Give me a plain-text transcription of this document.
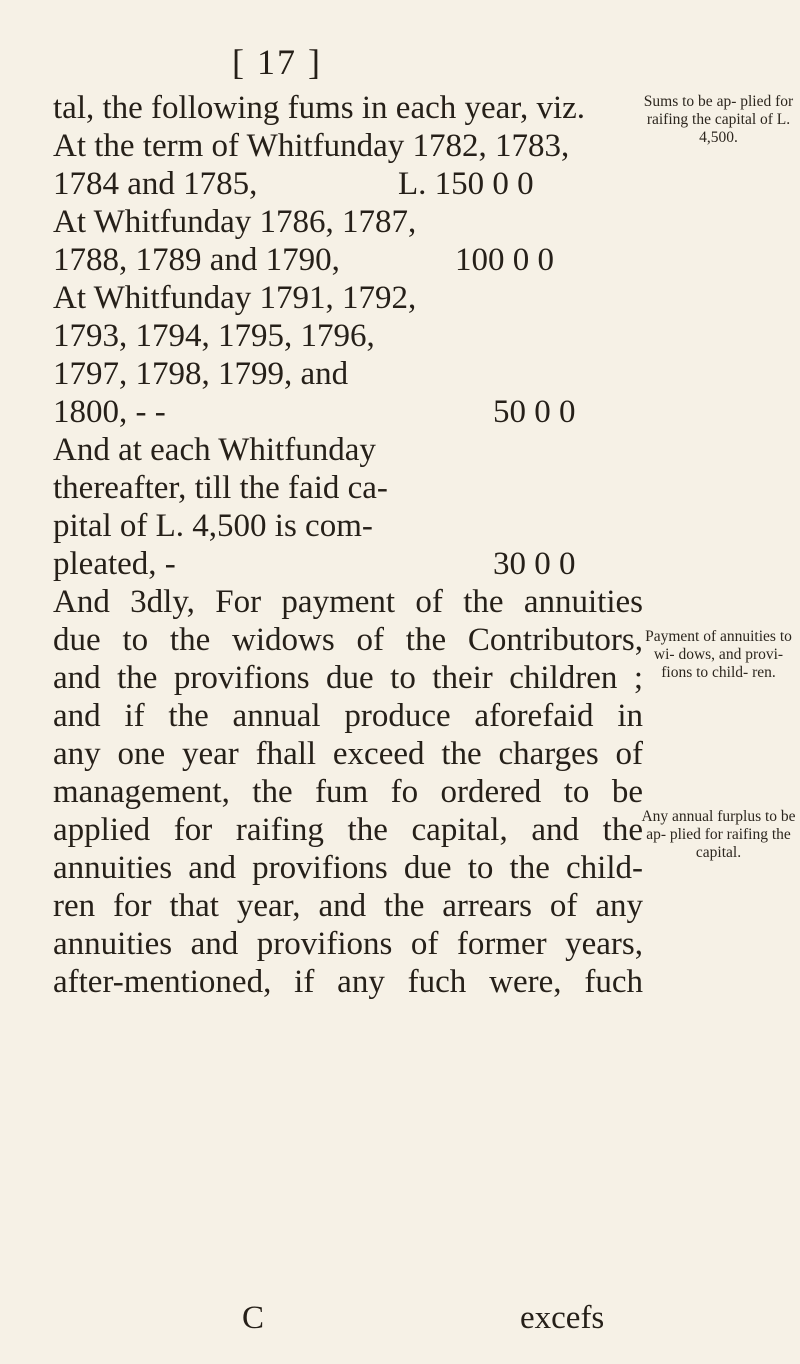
[ 17 ]
tal, the following fums in each year, viz.
At the term of Whitfunday 1782, 1783,
1784 and 1785,	L. 150 0 0
At Whitfunday 1786, 1787,
1788, 1789 and 1790,	100 0 0
At Whitfunday 1791, 1792,
1793, 1794, 1795, 1796,
1797, 1798, 1799, and
1800, - -	50 0 0
And at each Whitfunday
thereafter, till the faid ca-
pital of L. 4,500 is com-
pleated, -	30 0 0
And 3dly, For payment of the annuities
due to the widows of the Contributors,
and the provifions due to their children ;
and if the annual produce aforefaid in
any one year fhall exceed the charges of
management, the fum fo ordered to be
applied for raifing the capital, and the
annuities and provifions due to the child-
ren for that year, and the arrears of any
annuities and provifions of former years,
after-mentioned, if any fuch were, fuch
Sums to be ap- plied for raifing the capital of L. 4,500.
Payment of annuities to wi- dows, and provi- fions to child- ren.
Any annual furplus to be ap- plied for raifing the capital.
C	excefs
